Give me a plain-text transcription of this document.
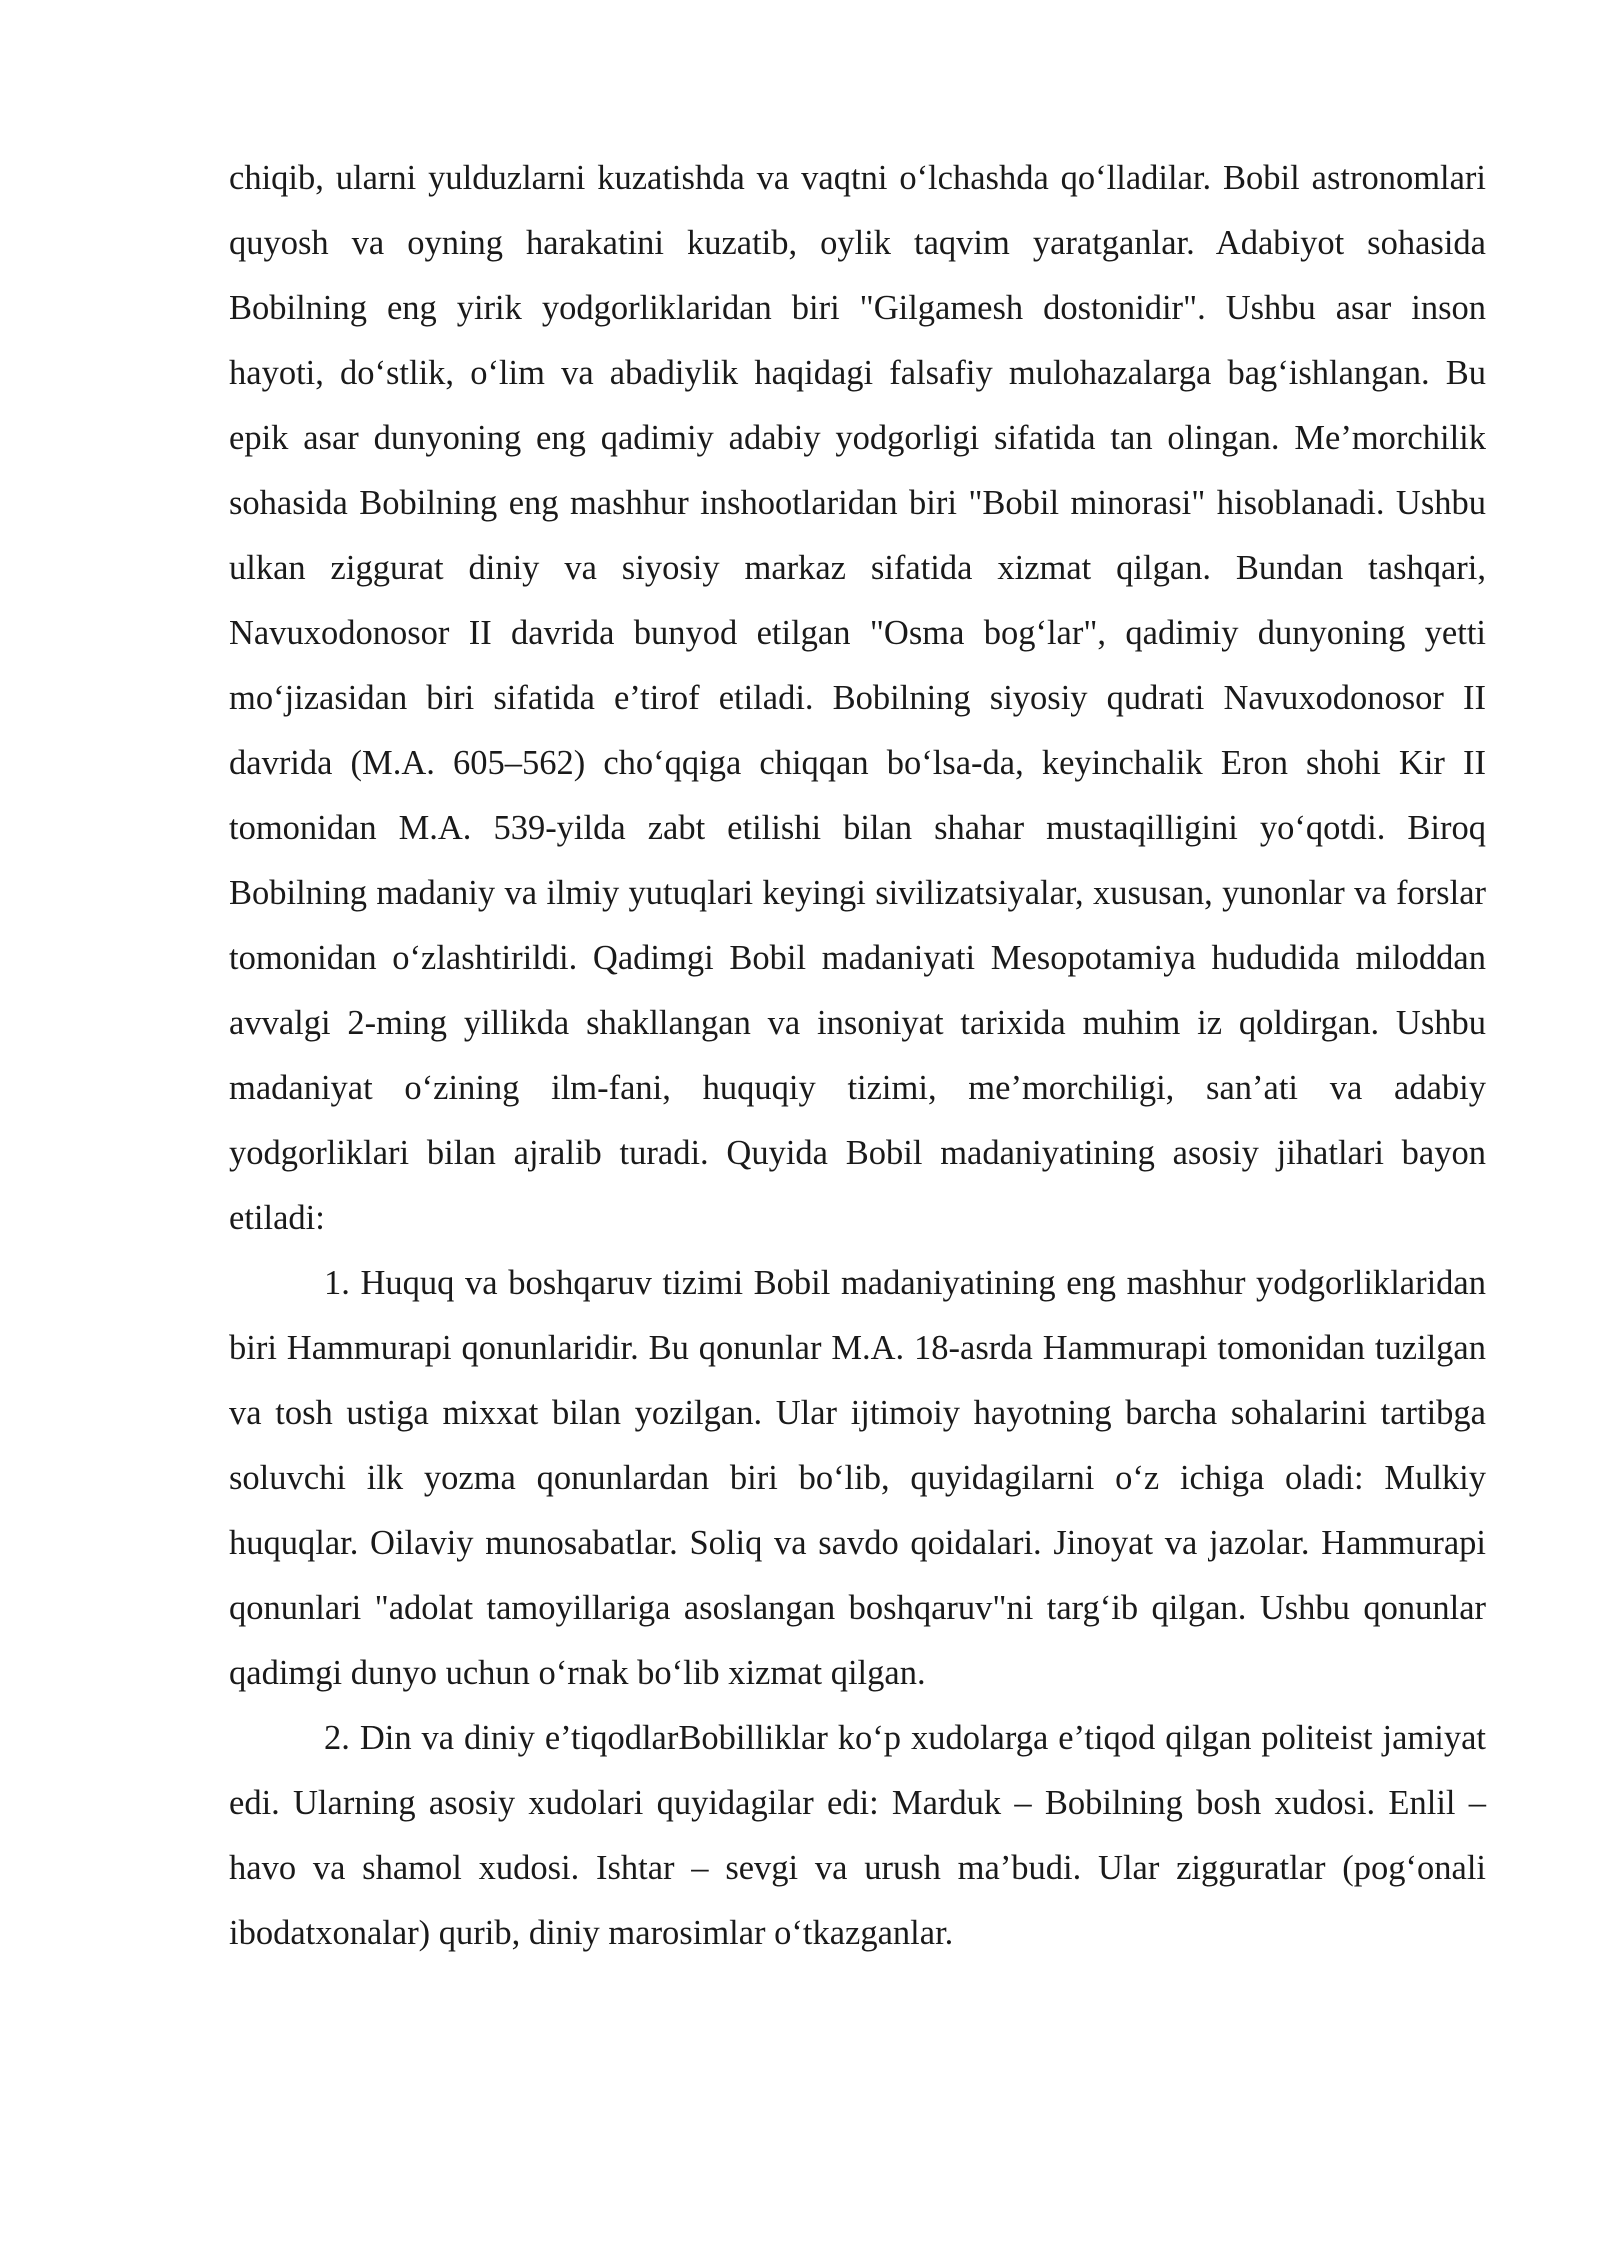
chiqib, ularni yulduzlarni kuzatishda va vaqtni o‘lchashda qo‘lladilar. Bobil astronomlari quyosh va oyning harakatini kuzatib, oylik taqvim yaratganlar. Adabiyot sohasida Bobilning eng yirik yodgorliklaridan biri "Gilgamesh dostonidir". Ushbu asar inson hayoti, do‘stlik, o‘lim va abadiylik haqidagi falsafiy mulohazalarga bag‘ishlangan. Bu epik asar dunyoning eng qadimiy adabiy yodgorligi sifatida tan olingan. Me’morchilik sohasida Bobilning eng mashhur inshootlaridan biri "Bobil minorasi" hisoblanadi. Ushbu ulkan ziggurat diniy va siyosiy markaz sifatida xizmat qilgan. Bundan tashqari, Navuxodonosor II davrida bunyod etilgan "Osma bog‘lar", qadimiy dunyoning yetti mo‘jizasidan biri sifatida e’tirof etiladi. Bobilning siyosiy qudrati Navuxodonosor II davrida (M.A. 605–562) cho‘qqiga chiqqan bo‘lsa-da, keyinchalik Eron shohi Kir II tomonidan M.A. 539-yilda zabt etilishi bilan shahar mustaqilligini yo‘qotdi. Biroq Bobilning madaniy va ilmiy yutuqlari keyingi sivilizatsiyalar, xususan, yunonlar va forslar tomonidan o‘zlashtirildi. Qadimgi Bobil madaniyati Mesopotamiya hududida miloddan avvalgi 2-ming yillikda shakllangan va insoniyat tarixida muhim iz qoldirgan. Ushbu madaniyat o‘zining ilm-fani, huquqiy tizimi, me’morchiligi, san’ati va adabiy yodgorliklari bilan ajralib turadi. Quyida Bobil madaniyatining asosiy jihatlari bayon etiladi:

1. Huquq va boshqaruv tizimi Bobil madaniyatining eng mashhur yodgorliklaridan biri Hammurapi qonunlaridir. Bu qonunlar M.A. 18-asrda Hammurapi tomonidan tuzilgan va tosh ustiga mixxat bilan yozilgan. Ular ijtimoiy hayotning barcha sohalarini tartibga soluvchi ilk yozma qonunlardan biri bo‘lib, quyidagilarni o‘z ichiga oladi: Mulkiy huquqlar. Oilaviy munosabatlar. Soliq va savdo qoidalari. Jinoyat va jazolar. Hammurapi qonunlari "adolat tamoyillariga asoslangan boshqaruv"ni targ‘ib qilgan. Ushbu qonunlar qadimgi dunyo uchun o‘rnak bo‘lib xizmat qilgan.

2. Din va diniy e’tiqodlarBobilliklar ko‘p xudolarga e’tiqod qilgan politeist jamiyat edi. Ularning asosiy xudolari quyidagilar edi: Marduk – Bobilning bosh xudosi. Enlil – havo va shamol xudosi. Ishtar – sevgi va urush ma’budi. Ular zigguratlar (pog‘onali ibodatxonalar) qurib, diniy marosimlar o‘tkazganlar.
